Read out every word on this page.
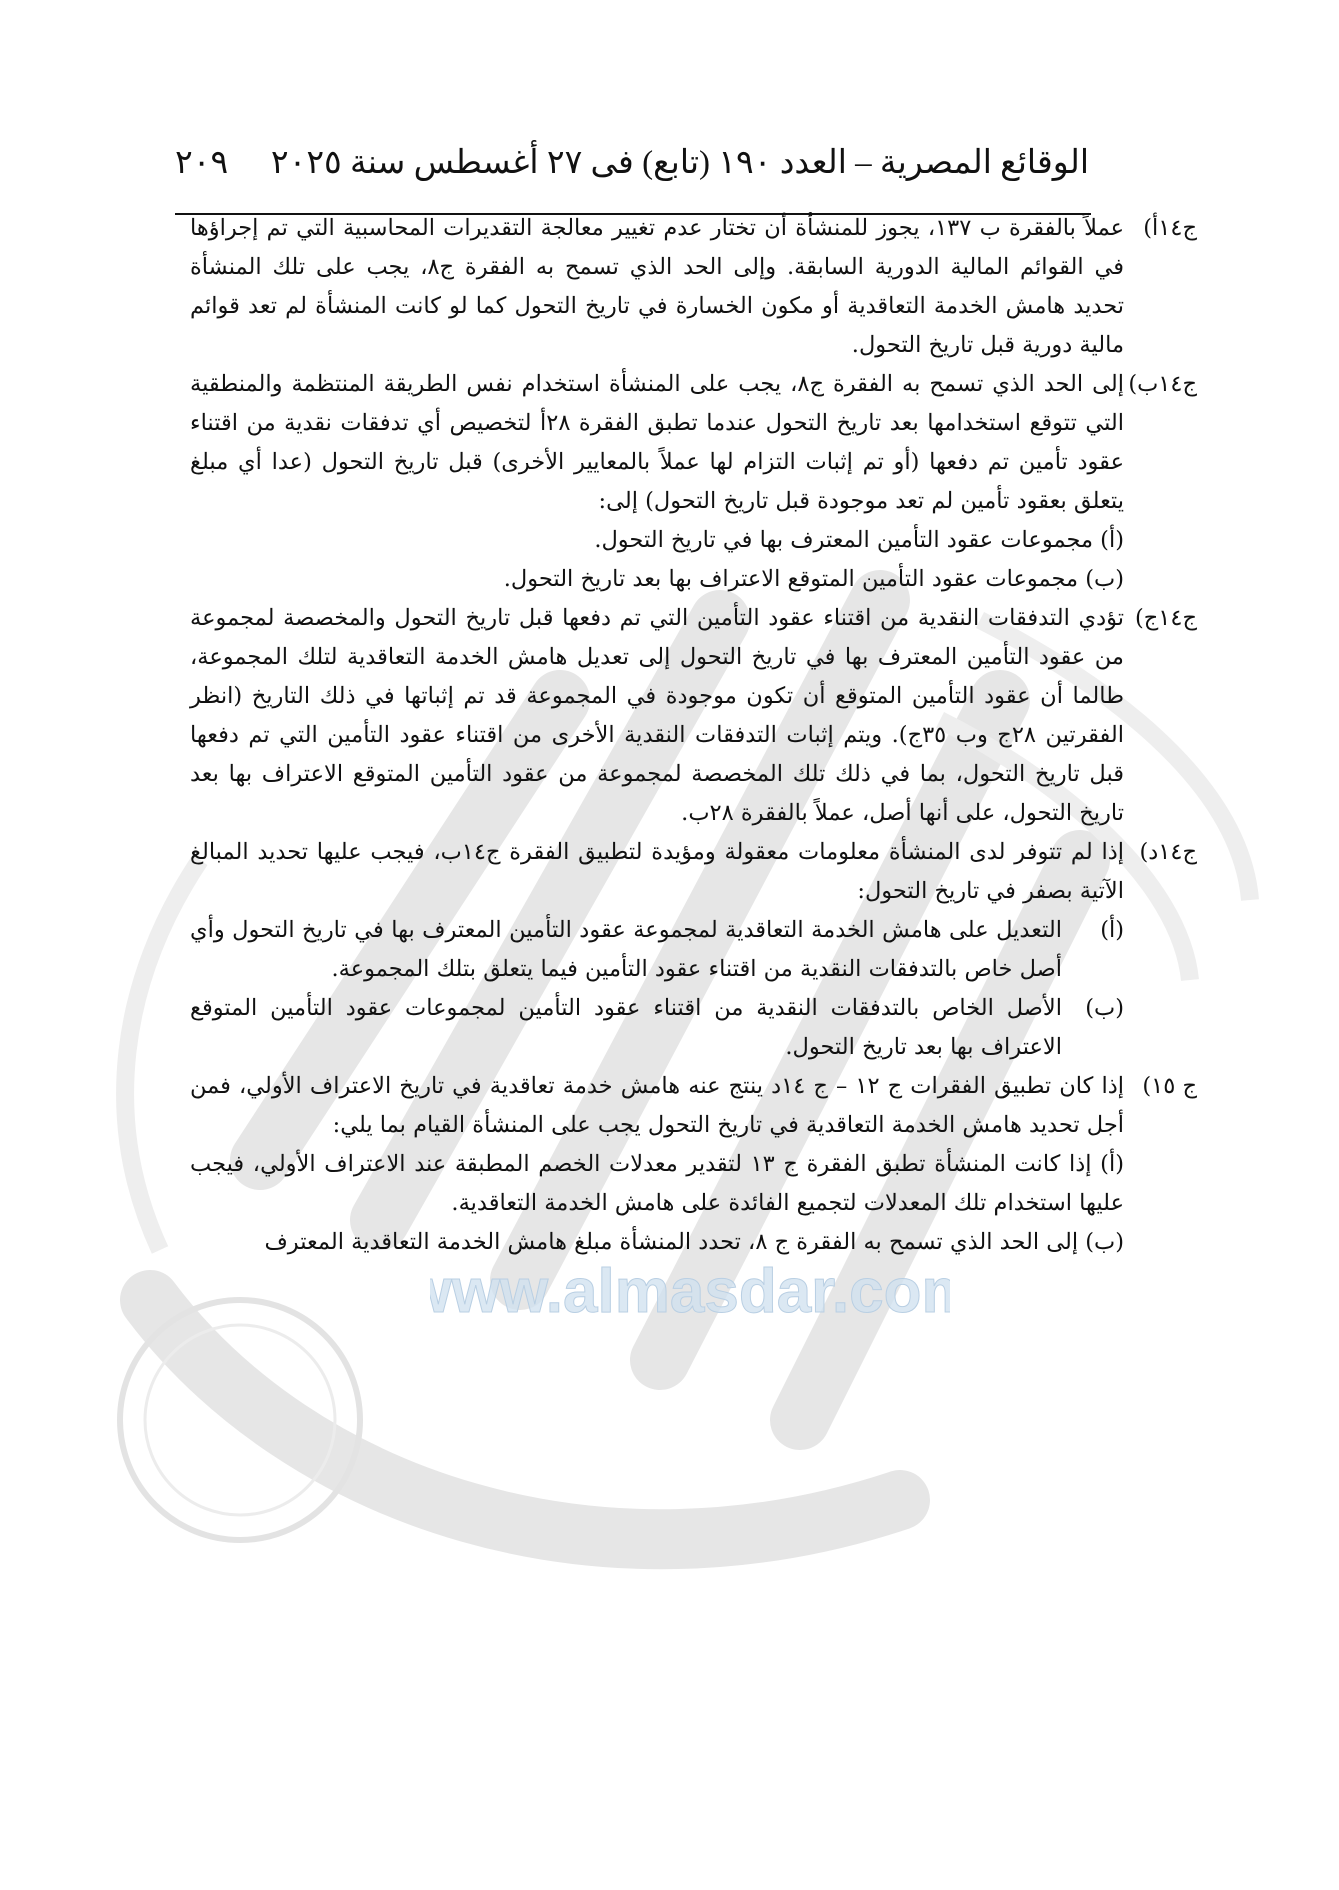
www.almasdar.com
الوقائع المصرية – العدد ١٩٠ (تابع) فى ٢٧ أغسطس سنة ٢٠٢٥
٢٠٩
ج١٤أ)
عملاً بالفقرة ب ١٣٧، يجوز للمنشأة أن تختار عدم تغيير معالجة التقديرات المحاسبية التي تم إجراؤها في القوائم المالية الدورية السابقة. وإلى الحد الذي تسمح به الفقرة ج٨، يجب على تلك المنشأة تحديد هامش الخدمة التعاقدية أو مكون الخسارة في تاريخ التحول كما لو كانت المنشأة لم تعد قوائم مالية دورية قبل تاريخ التحول.
ج١٤ب)
إلى الحد الذي تسمح به الفقرة ج٨، يجب على المنشأة استخدام نفس الطريقة المنتظمة والمنطقية التي تتوقع استخدامها بعد تاريخ التحول عندما تطبق الفقرة ٢٨أ لتخصيص أي تدفقات نقدية من اقتناء عقود تأمين تم دفعها (أو تم إثبات التزام لها عملاً بالمعايير الأخرى) قبل تاريخ التحول (عدا أي مبلغ يتعلق بعقود تأمين لم تعد موجودة قبل تاريخ التحول) إلى:
(أ) مجموعات عقود التأمين المعترف بها في تاريخ التحول.
(ب) مجموعات عقود التأمين المتوقع الاعتراف بها بعد تاريخ التحول.
ج١٤ج)
تؤدي التدفقات النقدية من اقتناء عقود التأمين التي تم دفعها قبل تاريخ التحول والمخصصة لمجموعة من عقود التأمين المعترف بها في تاريخ التحول إلى تعديل هامش الخدمة التعاقدية لتلك المجموعة، طالما أن عقود التأمين المتوقع أن تكون موجودة في المجموعة قد تم إثباتها في ذلك التاريخ (انظر الفقرتين ٢٨ج وب ٣٥ج). ويتم إثبات التدفقات النقدية الأخرى من اقتناء عقود التأمين التي تم دفعها قبل تاريخ التحول، بما في ذلك تلك المخصصة لمجموعة من عقود التأمين المتوقع الاعتراف بها بعد تاريخ التحول، على أنها أصل، عملاً بالفقرة ٢٨ب.
ج١٤د)
إذا لم تتوفر لدى المنشأة معلومات معقولة ومؤيدة لتطبيق الفقرة ج١٤ب، فيجب عليها تحديد المبالغ الآتية بصفر في تاريخ التحول:
(أ)
التعديل على هامش الخدمة التعاقدية لمجموعة عقود التأمين المعترف بها في تاريخ التحول وأي أصل خاص بالتدفقات النقدية من اقتناء عقود التأمين فيما يتعلق بتلك المجموعة.
(ب)
الأصل الخاص بالتدفقات النقدية من اقتناء عقود التأمين لمجموعات عقود التأمين المتوقع الاعتراف بها بعد تاريخ التحول.
ج ١٥)
إذا كان تطبيق الفقرات ج ١٢ – ج ١٤د ينتج عنه هامش خدمة تعاقدية في تاريخ الاعتراف الأولي، فمن أجل تحديد هامش الخدمة التعاقدية في تاريخ التحول يجب على المنشأة القيام بما يلي:
(أ) إذا كانت المنشأة تطبق الفقرة ج ١٣ لتقدير معدلات الخصم المطبقة عند الاعتراف الأولي، فيجب عليها استخدام تلك المعدلات لتجميع الفائدة على هامش الخدمة التعاقدية.
(ب) إلى الحد الذي تسمح به الفقرة ج ٨، تحدد المنشأة مبلغ هامش الخدمة التعاقدية المعترف
